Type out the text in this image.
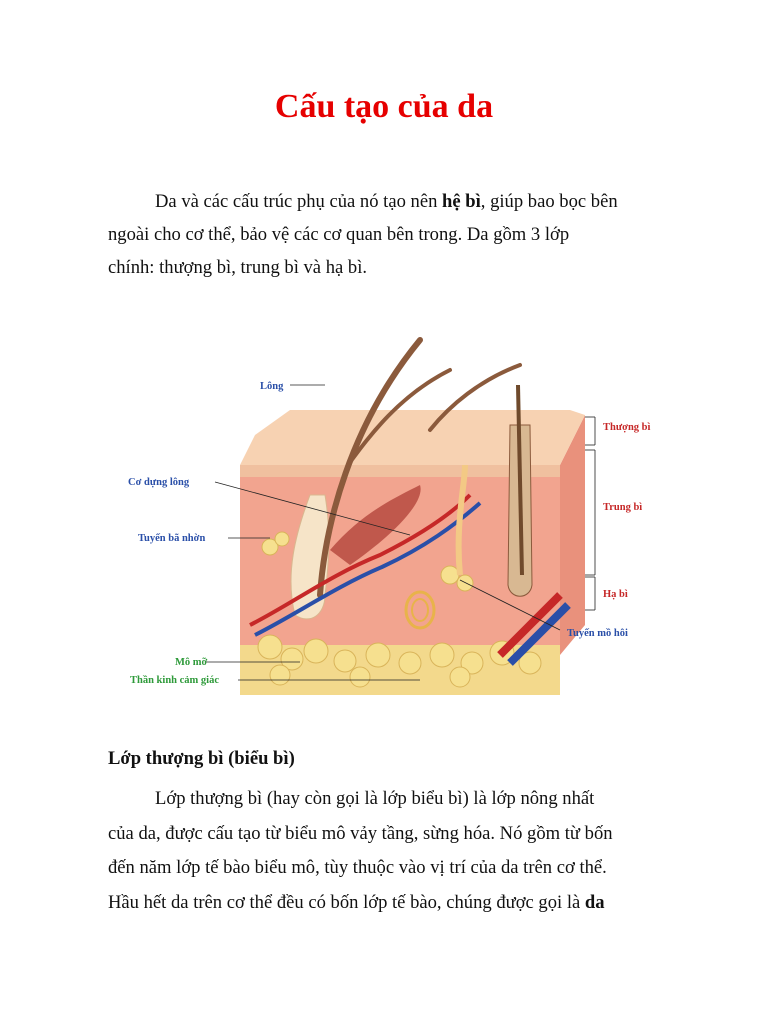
Cấu tạo của da

Da và các cấu trúc phụ của nó tạo nên hệ bì, giúp bao bọc bên
ngoài cho cơ thể, bảo vệ các cơ quan bên trong. Da gồm 3 lớp
chính: thượng bì, trung bì và hạ bì.

Lông
Cơ dựng lông
Tuyến bã nhờn
Mô mỡ
Thần kinh cảm giác
Thượng bì
Trung bì
Hạ bì
Tuyến mồ hôi

Lớp thượng bì (biểu bì)

Lớp thượng bì (hay còn gọi là lớp biểu bì) là lớp nông nhất
của da, được cấu tạo từ biểu mô vảy tầng, sừng hóa. Nó gồm từ bốn
đến năm lớp tế bào biểu mô, tùy thuộc vào vị trí của da trên cơ thể.
Hầu hết da trên cơ thể đều có bốn lớp tế bào, chúng được gọi là da
